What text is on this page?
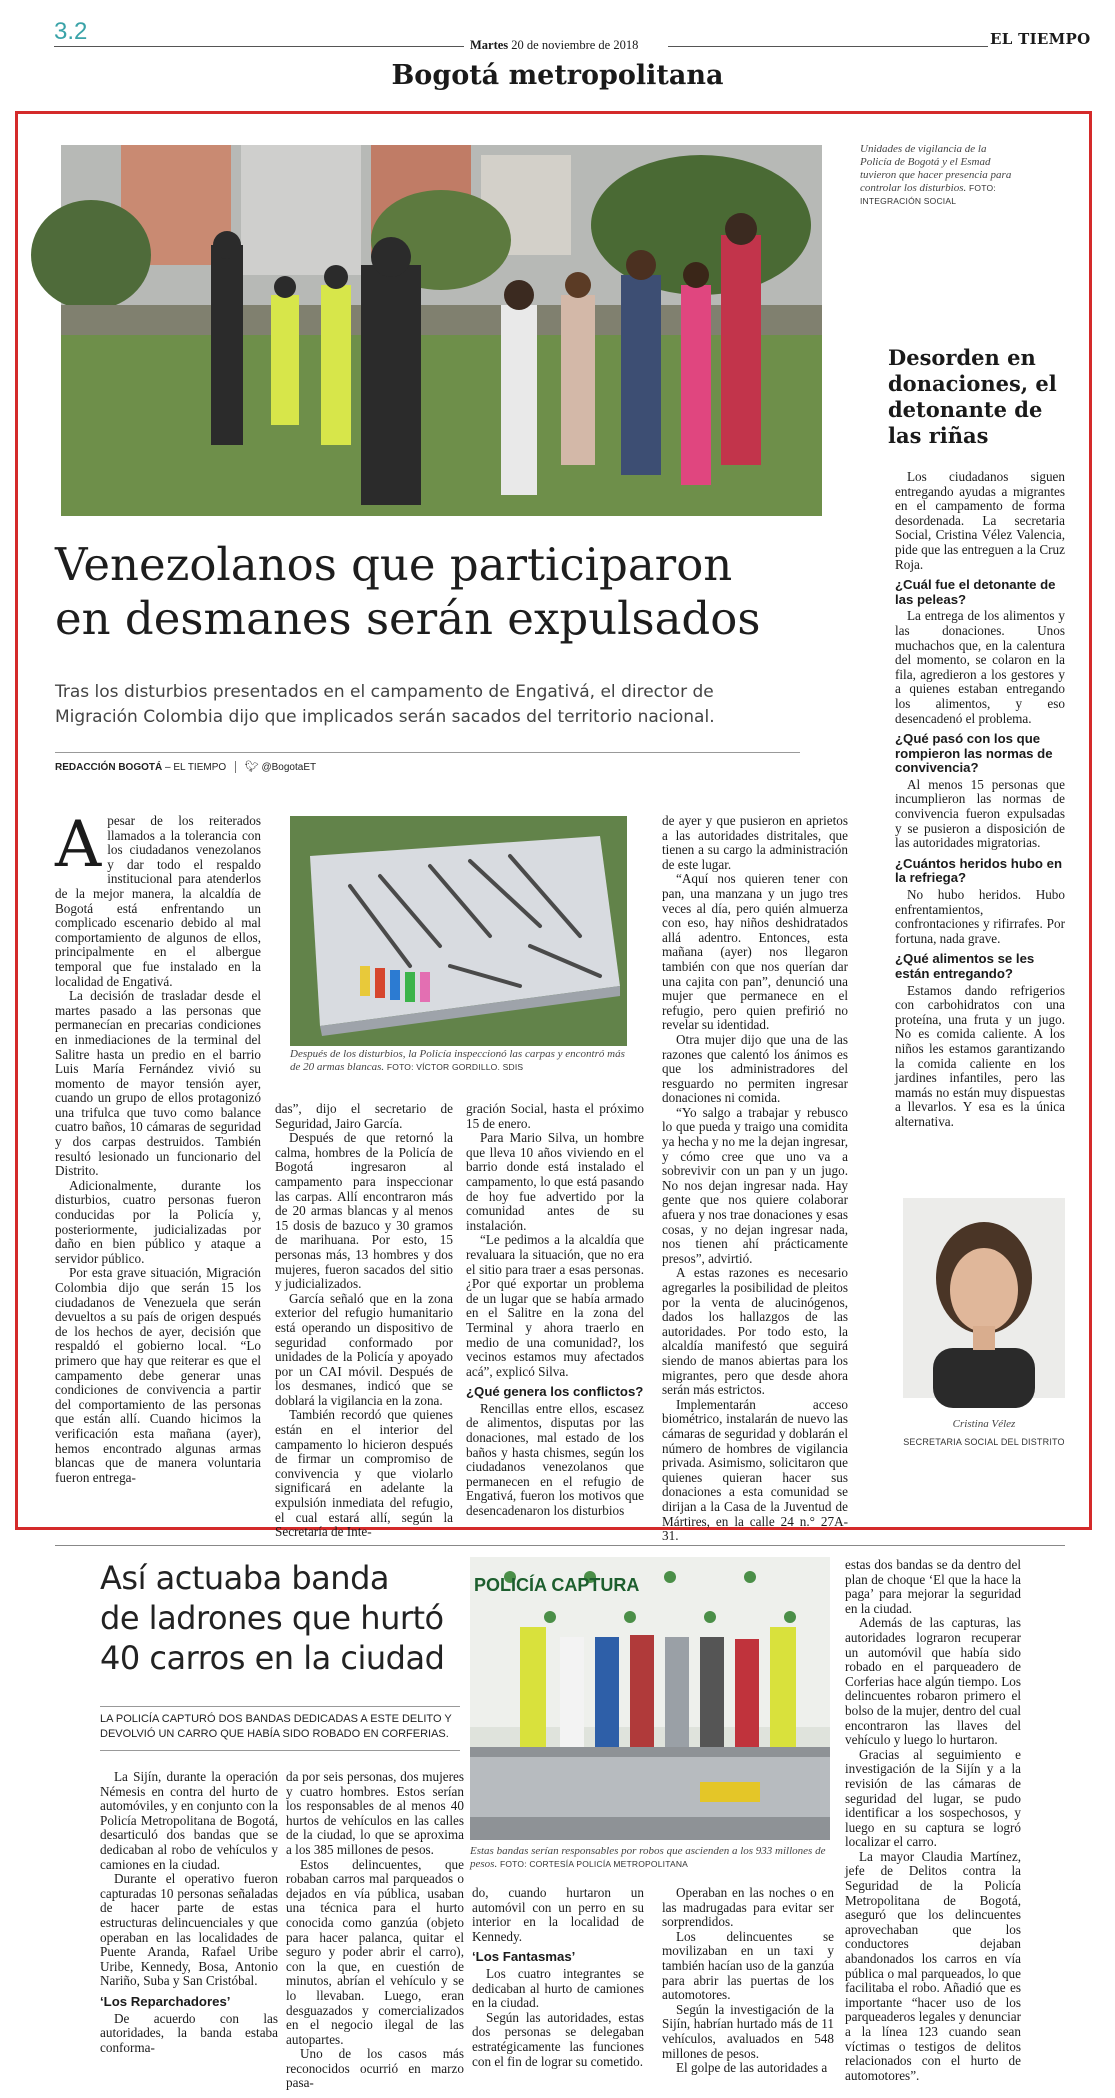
3.2	Martes 20 de noviembre de 2018	EL TIEMPO
Bogotá metropolitana
Unidades de vigilancia de la Policía de Bogotá y el Esmad tuvieron que hacer presencia para controlar los disturbios. FOTO: INTEGRACIÓN SOCIAL
Venezolanos que participaron
en desmanes serán expulsados
Tras los disturbios presentados en el campamento de Engativá, el director de Migración Colombia dijo que implicados serán sacados del territorio nacional.
REDACCIÓN BOGOTÁ – EL TIEMPO 🐦︎ @BogotaET
A pesar de los reiterados llamados a la tolerancia con los ciudadanos venezolanos y dar todo el respaldo institucional para atenderlos de la mejor manera, la alcaldía de Bogotá está enfrentando un complicado escenario debido al mal comportamiento de algunos de ellos, principalmente en el albergue temporal que fue instalado en la localidad de Engativá.

La decisión de trasladar desde el martes pasado a las personas que permanecían en precarias condiciones en inmediaciones de la terminal del Salitre hasta un predio en el barrio Luis María Fernández vivió su momento de mayor tensión ayer, cuando un grupo de ellos protagonizó una trifulca que tuvo como balance cuatro baños, 10 cámaras de seguridad y dos carpas destruidos. También resultó lesionado un funcionario del Distrito.

Adicionalmente, durante los disturbios, cuatro personas fueron conducidas por la Policía y, posteriormente, judicializadas por daño en bien público y ataque a servidor público.

Por esta grave situación, Migración Colombia dijo que serán 15 los ciudadanos de Venezuela que serán devueltos a su país de origen después de los hechos de ayer, decisión que respaldó el gobierno local. “Lo primero que hay que reiterar es que el campamento debe generar unas condiciones de convivencia a partir del comportamiento de las personas que están allí. Cuando hicimos la verificación esta mañana (ayer), hemos encontrado algunas armas blancas que de manera voluntaria fueron entrega-

Después de los disturbios, la Policía inspeccionó las carpas y encontró más de 20 armas blancas. FOTO: VÍCTOR GORDILLO. SDIS

das”, dijo el secretario de Seguridad, Jairo García.

Después de que retornó la calma, hombres de la Policía de Bogotá ingresaron al campamento para inspeccionar las carpas. Allí encontraron más de 20 armas blancas y al menos 15 dosis de bazuco y 30 gramos de marihuana. Por esto, 15 personas más, 13 hombres y dos mujeres, fueron sacados del sitio y judicializados.

García señaló que en la zona exterior del refugio humanitario está operando un dispositivo de seguridad conformado por unidades de la Policía y apoyado por un CAI móvil. Después de los desmanes, indicó que se doblará la vigilancia en la zona.

También recordó que quienes están en el interior del campamento lo hicieron después de firmar un compromiso de convivencia y que violarlo significará en adelante la expulsión inmediata del refugio, el cual estará allí, según la Secretaría de Inte-

gración Social, hasta el próximo 15 de enero.

Para Mario Silva, un hombre que lleva 10 años viviendo en el barrio donde está instalado el campamento, lo que está pasando de hoy fue advertido por la comunidad antes de su instalación.

“Le pedimos a la alcaldía que revaluara la situación, que no era el sitio para traer a esas personas. ¿Por qué exportar un problema de un lugar que se había armado en el Salitre en la zona del Terminal y ahora traerlo en medio de una comunidad?, los vecinos estamos muy afectados acá”, explicó Silva.

¿Qué genera los conflictos?

Rencillas entre ellos, escasez de alimentos, disputas por las donaciones, mal estado de los baños y hasta chismes, según los ciudadanos venezolanos que permanecen en el refugio de Engativá, fueron los motivos que desencadenaron los disturbios

de ayer y que pusieron en aprietos a las autoridades distritales, que tienen a su cargo la administración de este lugar.

“Aquí nos quieren tener con pan, una manzana y un jugo tres veces al día, pero quién almuerza con eso, hay niños deshidratados allá adentro. Entonces, esta mañana (ayer) nos llegaron también con que nos querían dar una cajita con pan”, denunció una mujer que permanece en el refugio, pero quien prefirió no revelar su identidad.

Otra mujer dijo que una de las razones que calentó los ánimos es que los administradores del resguardo no permiten ingresar donaciones ni comida.

“Yo salgo a trabajar y rebusco lo que pueda y traigo una comidita ya hecha y no me la dejan ingresar, y cómo cree que uno va a sobrevivir con un pan y un jugo. No nos dejan ingresar nada. Hay gente que nos quiere colaborar afuera y nos trae donaciones y esas cosas, y no dejan ingresar nada, nos tienen ahí prácticamente presos”, advirtió.

A estas razones es necesario agregarles la posibilidad de pleitos por la venta de alucinógenos, dados los hallazgos de las autoridades. Por todo esto, la alcaldía manifestó que seguirá siendo de manos abiertas para los migrantes, pero que desde ahora serán más estrictos.

Implementarán acceso biométrico, instalarán de nuevo las cámaras de seguridad y doblarán el número de hombres de vigilancia privada. Asimismo, solicitaron que quienes quieran hacer sus donaciones a esta comunidad se dirijan a la Casa de la Juventud de Mártires, en la calle 24 n.° 27A-31.

Desorden en donaciones, el detonante de las riñas

Los ciudadanos siguen entregando ayudas a migrantes en el campamento de forma desordenada. La secretaria Social, Cristina Vélez Valencia, pide que las entreguen a la Cruz Roja.

¿Cuál fue el detonante de las peleas?

La entrega de los alimentos y las donaciones. Unos muchachos que, en la calentura del momento, se colaron en la fila, agredieron a los gestores y a quienes estaban entregando los alimentos, y eso desencadenó el problema.

¿Qué pasó con los que rompieron las normas de convivencia?

Al menos 15 personas que incumplieron las normas de convivencia fueron expulsadas y se pusieron a disposición de las autoridades migratorias.

¿Cuántos heridos hubo en la refriega?

No hubo heridos. Hubo enfrentamientos, confrontaciones y rifirrafes. Por fortuna, nada grave.

¿Qué alimentos se les están entregando?

Estamos dando refrigerios con carbohidratos con una proteína, una fruta y un jugo. No es comida caliente. A los niños les estamos garantizando la comida caliente en los jardines infantiles, pero las mamás no están muy dispuestas a llevarlos. Y esa es la única alternativa.

Cristina Vélez
SECRETARIA SOCIAL DEL DISTRITO
Así actuaba banda
de ladrones que hurtó
40 carros en la ciudad
LA POLICÍA CAPTURÓ DOS BANDAS DEDICADAS A ESTE DELITO Y DEVOLVIÓ UN CARRO QUE HABÍA SIDO ROBADO EN CORFERIAS.
POLICÍA CAPTURA
Estas bandas serían responsables por robos que ascienden a los 933 millones de pesos. FOTO: CORTESÍA POLICÍA METROPOLITANA

La Sijín, durante la operación Némesis en contra del hurto de automóviles, y en conjunto con la Policía Metropolitana de Bogotá, desarticuló dos bandas que se dedicaban al robo de vehículos y camiones en la ciudad.

Durante el operativo fueron capturadas 10 personas señaladas de hacer parte de estas estructuras delincuenciales y que operaban en las localidades de Puente Aranda, Rafael Uribe Uribe, Kennedy, Bosa, Antonio Nariño, Suba y San Cristóbal.

‘Los Reparchadores’

De acuerdo con las autoridades, la banda estaba conforma-

da por seis personas, dos mujeres y cuatro hombres. Estos serían los responsables de al menos 40 hurtos de vehículos en las calles de la ciudad, lo que se aproxima a los 385 millones de pesos.

Estos delincuentes, que robaban carros mal parqueados o dejados en vía pública, usaban una técnica para el hurto conocida como ganzúa (objeto para hacer palanca, quitar el seguro y poder abrir el carro), con la que, en cuestión de minutos, abrían el vehículo y se lo llevaban. Luego, eran desguazados y comercializados en el negocio ilegal de las autopartes.

Uno de los casos más reconocidos ocurrió en marzo pasa-

do, cuando hurtaron un automóvil con un perro en su interior en la localidad de Kennedy.

‘Los Fantasmas’

Los cuatro integrantes se dedicaban al hurto de camiones en la ciudad.

Según las autoridades, estas dos personas se delegaban estratégicamente las funciones con el fin de lograr su cometido.

Operaban en las noches o en las madrugadas para evitar ser sorprendidos.

Los delincuentes se movilizaban en un taxi y también hacían uso de la ganzúa para abrir las puertas de los automotores.

Según la investigación de la Sijín, habrían hurtado más de 11 vehículos, avaluados en 548 millones de pesos.

El golpe de las autoridades a

estas dos bandas se da dentro del plan de choque ‘El que la hace la paga’ para mejorar la seguridad en la ciudad.

Además de las capturas, las autoridades lograron recuperar un automóvil que había sido robado en el parqueadero de Corferias hace algún tiempo. Los delincuentes robaron primero el bolso de la mujer, dentro del cual encontraron las llaves del vehículo y luego lo hurtaron.

Gracias al seguimiento e investigación de la Sijín y a la revisión de las cámaras de seguridad del lugar, se pudo identificar a los sospechosos, y luego en su captura se logró localizar el carro.

La mayor Claudia Martínez, jefe de Delitos contra la Seguridad de la Policía Metropolitana de Bogotá, aseguró que los delincuentes aprovechaban que los conductores dejaban abandonados los carros en vía pública o mal parqueados, lo que facilitaba el robo. Añadió que es importante “hacer uso de los parqueaderos legales y denunciar a la línea 123 cuando sean víctimas o testigos de delitos relacionados con el hurto de automotores”.
